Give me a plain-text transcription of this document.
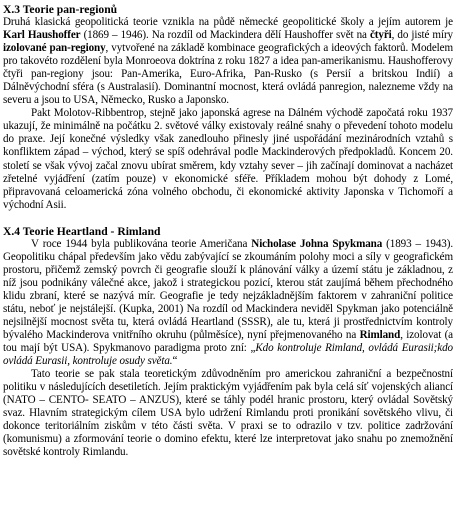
X.3 Teorie pan-regionů

Druhá klasická geopolitická teorie vznikla na půdě německé geopolitické školy a jejím autorem je Karl Haushoffer (1869 – 1946). Na rozdíl od Mackindera dělí Haushoffer svět na čtyři, do jisté míry izolované pan-regiony, vytvořené na základě kombinace geografických a ideových faktorů. Modelem pro takovéto rozdělení byla Monroeova doktrína z roku 1827 a idea pan-amerikanismu. Haushofferovy čtyři pan-regiony jsou: Pan-Amerika, Euro-Afrika, Pan-Rusko (s Persií a britskou Indií) a Dálněvýchodní sféra (s Australasií). Dominantní mocnost, která ovládá panregion, nalezneme vždy na severu a jsou to USA, Německo, Rusko a Japonsko.

Pakt Molotov-Ribbentrop, stejně jako japonská agrese na Dálném východě započatá roku 1937 ukazují, že minimálně na počátku 2. světové války existovaly reálné snahy o převedení tohoto modelu do praxe. Její konečné výsledky však zanedlouho přinesly jiné uspořádání mezinárodních vztahů s konfliktem západ – východ, který se spíš odehrával podle Mackinderových předpokladů. Koncem 20. století se však vývoj začal znovu ubírat směrem, kdy vztahy sever – jih začínají dominovat a nacházet zřetelné vyjádření (zatím pouze) v ekonomické sféře. Příkladem mohou být dohody z Lomé, připravovaná celoamerická zóna volného obchodu, či ekonomické aktivity Japonska v Tichomoří a východní Asii.

X.4 Teorie Heartland - Rimland

V roce 1944 byla publikována teorie Američana Nicholase Johna Spykmana (1893 – 1943). Geopolitiku chápal především jako vědu zabývající se zkoumáním polohy moci a síly v geografickém prostoru, přičemž zemský povrch či geografie slouží k plánování války a území státu je základnou, z níž jsou podnikány válečné akce, jakož i strategickou pozicí, kterou stát zaujímá během přechodného klidu zbraní, které se nazývá mír. Geografie je tedy nejzákladnějším faktorem v zahraniční politice státu, neboť je nejstálejší. (Kupka, 2001) Na rozdíl od Mackindera neviděl Spykman jako potenciálně nejsilnější mocnost světa tu, která ovládá Heartland (SSSR), ale tu, která ji prostřednictvím kontroly bývalého Mackinderova vnitřního okruhu (půlměsíce), nyní přejmenovaného na Rimland, izolovat (a tou mají být USA). Spykmanovo paradigma proto zní: „Kdo kontroluje Rimland, ovládá Eurasii;kdo ovládá Eurasii, kontroluje osudy světa.“

Tato teorie se pak stala teoretickým zdůvodněním pro americkou zahraniční a bezpečnostní politiku v následujících desetiletích. Jejím praktickým vyjádřením pak byla celá síť vojenských aliancí (NATO – CENTO- SEATO – ANZUS), které se táhly podél hranic prostoru, který ovládal Sovětský svaz. Hlavním strategickým cílem USA bylo udržení Rimlandu proti pronikání sovětského vlivu, či dokonce teritoriálním ziskům v této části světa. V praxi se to odrazilo v tzv. politice zadržování (komunismu) a zformování teorie o domino efektu, které lze interpretovat jako snahu po znemožnění sovětské kontroly Rimlandu.
